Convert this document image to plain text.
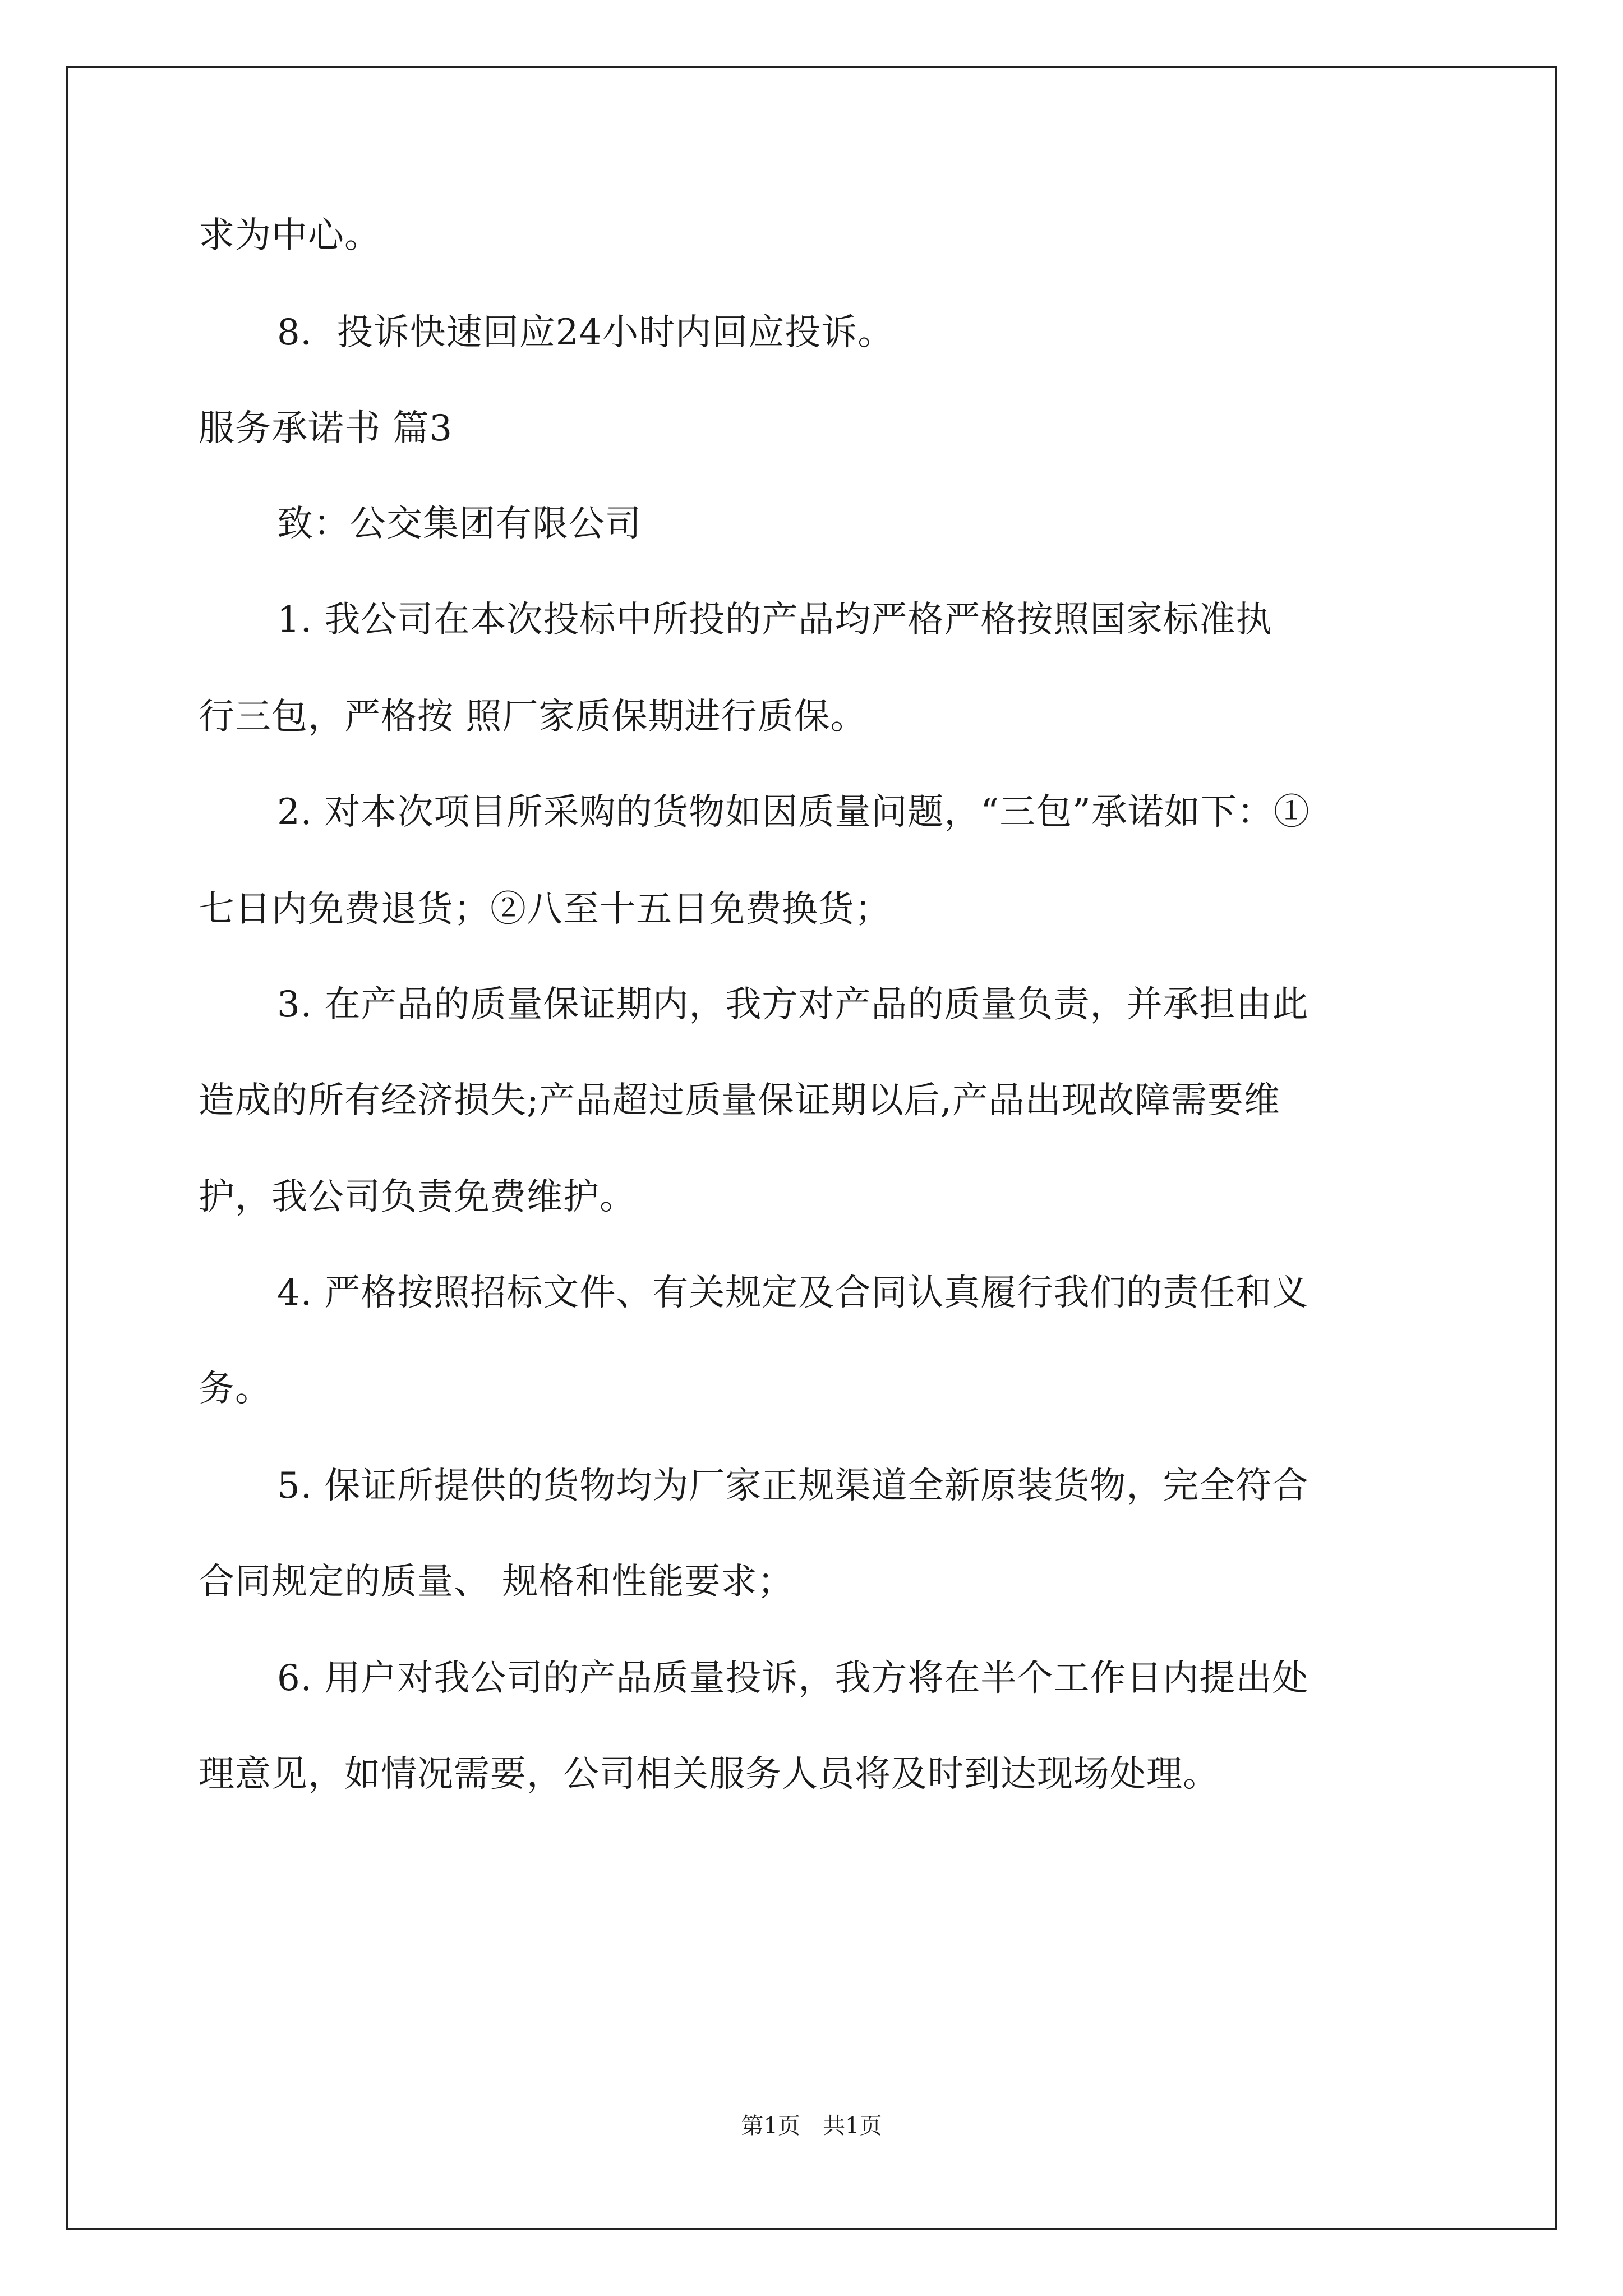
求为中心。
8．投诉快速回应24小时内回应投诉。
服务承诺书 篇3
致：公交集团有限公司
1. 我公司在本次投标中所投的产品均严格严格按照国家标准执
行三包，严格按 照厂家质保期进行质保。
2. 对本次项目所采购的货物如因质量问题，“三包”承诺如下：①
七日内免费退货；②八至十五日免费换货；
3. 在产品的质量保证期内，我方对产品的质量负责，并承担由此
造成的所有经济损失;产品超过质量保证期以后,产品出现故障需要维
护，我公司负责免费维护。
4. 严格按照招标文件、有关规定及合同认真履行我们的责任和义
务。
5. 保证所提供的货物均为厂家正规渠道全新原装货物，完全符合
合同规定的质量、 规格和性能要求；
6. 用户对我公司的产品质量投诉，我方将在半个工作日内提出处
理意见，如情况需要，公司相关服务人员将及时到达现场处理。
第1页　共1页
